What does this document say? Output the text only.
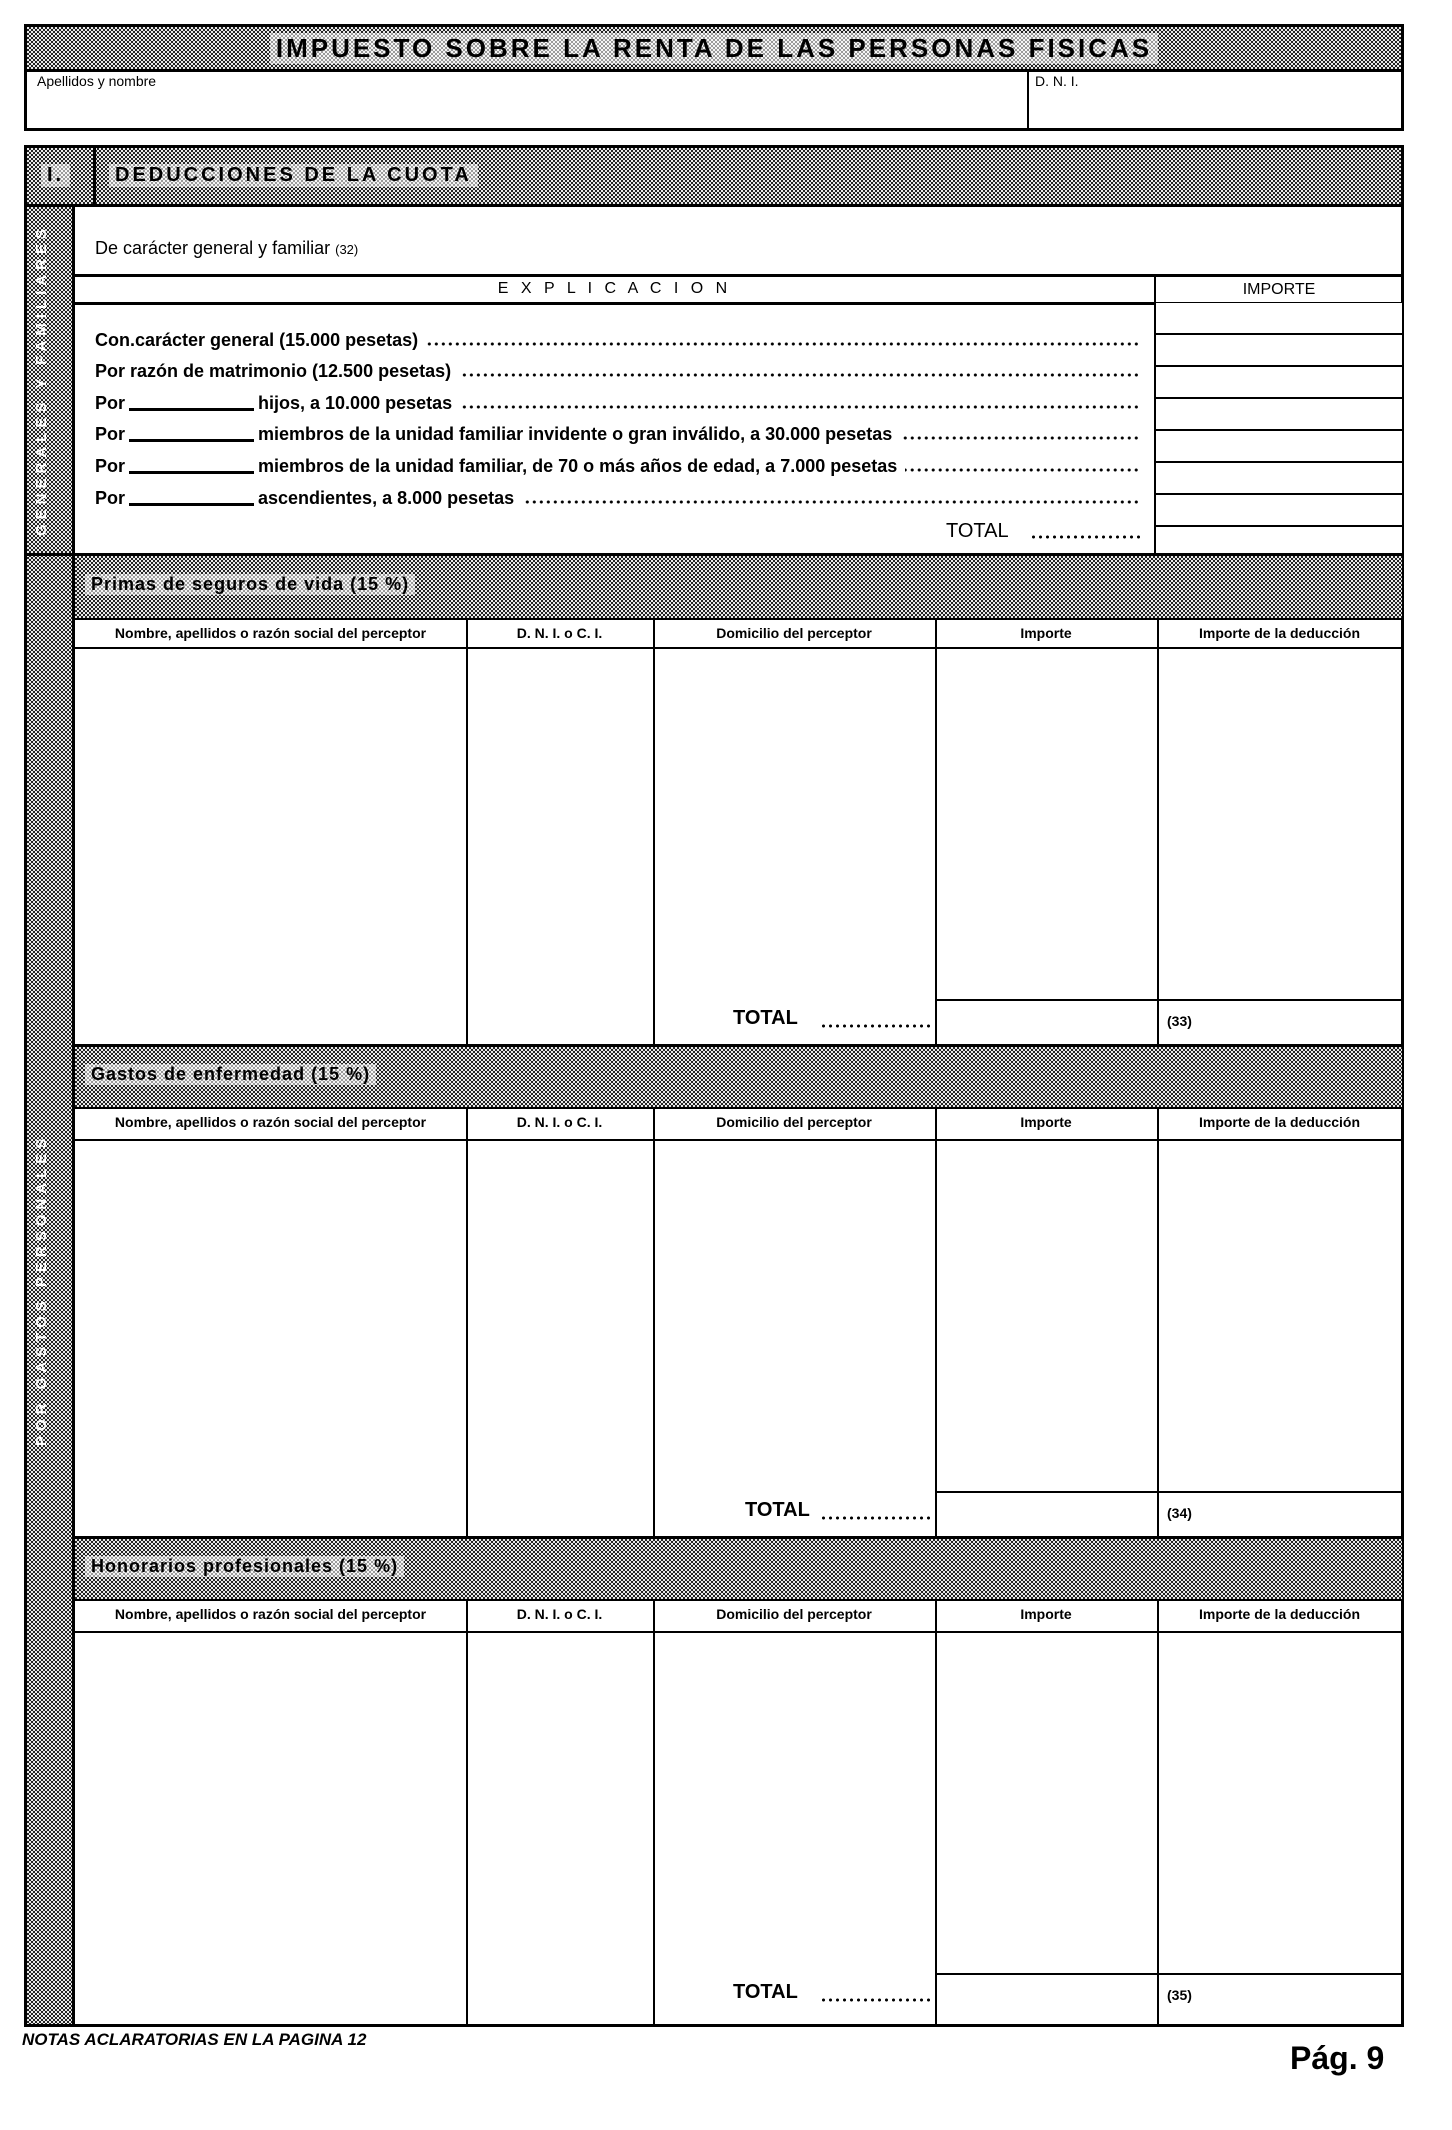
IMPUESTO SOBRE LA RENTA DE LAS PERSONAS FISICAS
Apellidos y nombre	D. N. I.
I.	DEDUCCIONES DE LA CUOTA
GENERALES Y FAMILIARES
POR GASTOS PERSONALES
De carácter general y familiar (32)
E X P L I C A C I O N	IMPORTE
Con.carácter general (15.000 pesetas)
Por razón de matrimonio (12.500 pesetas)
Por	hijos, a 10.000 pesetas
Por	miembros de la unidad familiar invidente o gran inválido, a 30.000 pesetas
Por	miembros de la unidad familiar, de 70 o más años de edad, a 7.000 pesetas
Por	ascendientes, a 8.000 pesetas
TOTAL
Primas de seguros de vida (15 %)
Gastos de enfermedad (15 %)
Honorarios profesionales (15 %)
Nombre, apellidos o razón social del perceptor	D. N. I. o C. I.	Domicilio del perceptor	Importe	Importe de la deducción
TOTAL	(33)
Nombre, apellidos o razón social del perceptor	D. N. I. o C. I.	Domicilio del perceptor	Importe	Importe de la deducción
TOTAL	(34)
Nombre, apellidos o razón social del perceptor	D. N. I. o C. I.	Domicilio del perceptor	Importe	Importe de la deducción
TOTAL	(35)
NOTAS ACLARATORIAS EN LA PAGINA 12
Pág. 9
